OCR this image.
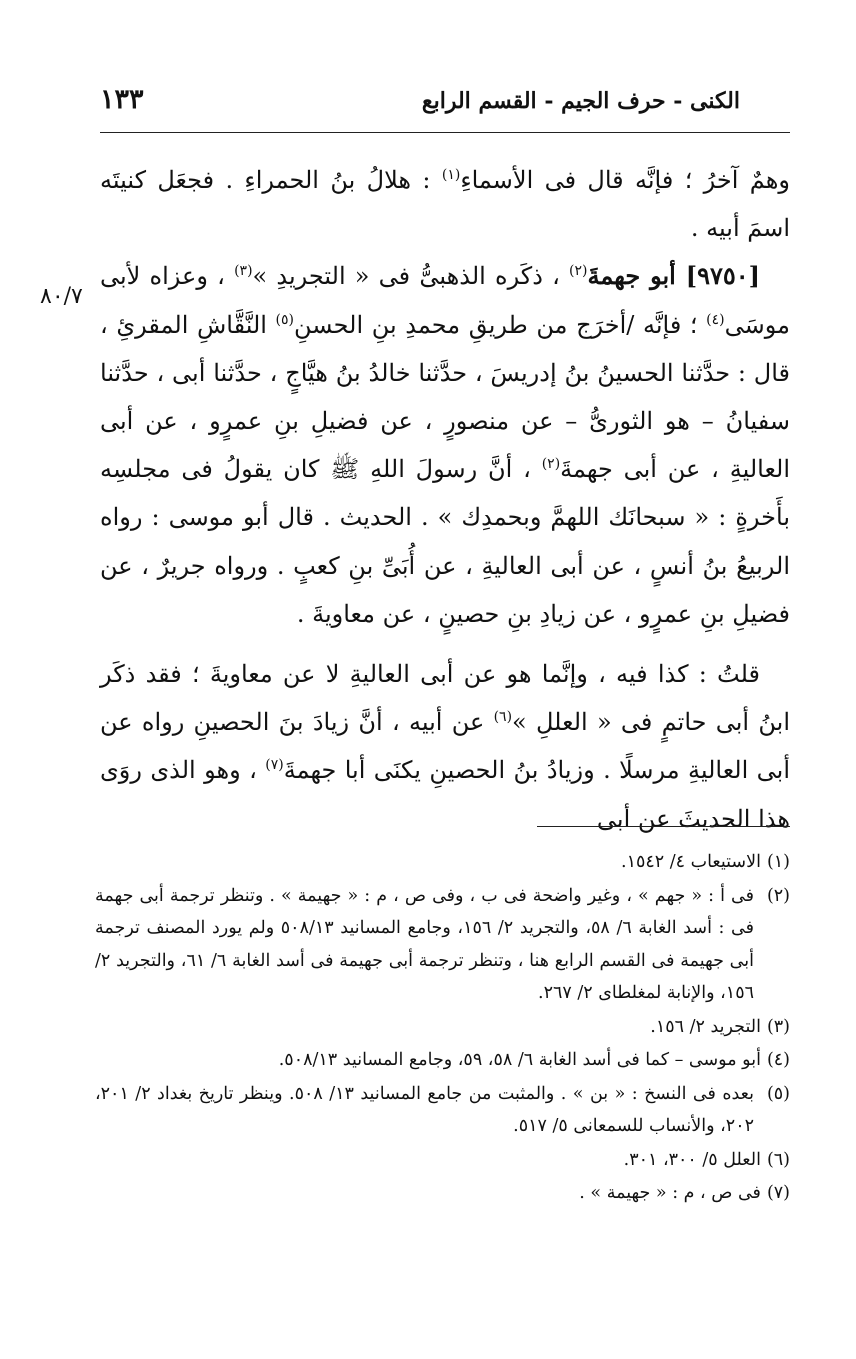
١٣٣	الكنى - حرف الجيم - القسم الرابع
٨٠/٧

وهمٌ آخرُ ؛ فإنَّه قال فى الأسماءِ$^{(١)}$ : هلالُ بنُ الحمراءِ . فجعَل كنيتَه اسمَ أبيه .

[٩٧٥٠] أبو جهمةَ$^{(٢)}$ ، ذكَره الذهبىُّ فى « التجريدِ »$^{(٣)}$ ، وعزاه لأبى موسَى$^{(٤)}$ ؛ فإنَّه /أخرَج من طريقِ محمدِ بنِ الحسنِ$^{(٥)}$ النَّقَّاشِ المقرئِ ، قال : حدَّثنا الحسينُ بنُ إدريسَ ، حدَّثنا خالدُ بنُ هيَّاجٍ ، حدَّثنا أبى ، حدَّثنا سفيانُ – هو الثورىُّ – عن منصورٍ ، عن فضيلِ بنِ عمرٍو ، عن أبى العاليةِ ، عن أبى جهمةَ$^{(٢)}$ ، أنَّ رسولَ اللهِ ﷺ كان يقولُ فى مجلسِه بأَخرةٍ : « سبحانَك اللهمَّ وبحمدِك » . الحديث . قال أبو موسى : رواه الربيعُ بنُ أنسٍ ، عن أبى العاليةِ ، عن أُبَىِّ بنِ كعبٍ . ورواه جريرٌ ، عن فضيلِ بنِ عمرٍو ، عن زيادِ بنِ حصينٍ ، عن معاويةَ .

قلتُ : كذا فيه ، وإنَّما هو عن أبى العاليةِ لا عن معاويةَ ؛ فقد ذكَر ابنُ أبى حاتمٍ فى « العللِ »$^{(٦)}$ عن أبيه ، أنَّ زيادَ بنَ الحصينِ رواه عن أبى العاليةِ مرسلًا . وزيادُ بنُ الحصينِ يكنَى أبا جهمةَ$^{(٧)}$ ، وهو الذى روَى هذا الحديثَ عن أبى

(١)الاستيعاب ٤/ ١٥٤٢.

(٢)فى أ : « جهم » ، وغير واضحة فى ب ، وفى ص ، م : « جهيمة » . وتنظر ترجمة أبى جهمة فى : أسد الغابة ٦/ ٥٨، والتجريد ٢/ ١٥٦، وجامع المسانيد ٥٠٨/١٣ ولم يورد المصنف ترجمة أبى جهيمة فى القسم الرابع هنا ، وتنظر ترجمة أبى جهيمة فى أسد الغابة ٦/ ٦١، والتجريد ٢/ ١٥٦، والإنابة لمغلطاى ٢/ ٢٦٧.

(٣)التجريد ٢/ ١٥٦.

(٤)أبو موسى – كما فى أسد الغابة ٦/ ٥٨، ٥٩، وجامع المسانيد ٥٠٨/١٣.

(٥)بعده فى النسخ : « بن » . والمثبت من جامع المسانيد ١٣/ ٥٠٨. وينظر تاريخ بغداد ٢/ ٢٠١، ٢٠٢، والأنساب للسمعانى ٥/ ٥١٧.

(٦)العلل ٥/ ٣٠٠، ٣٠١.

(٧)فى ص ، م : « جهيمة » .
